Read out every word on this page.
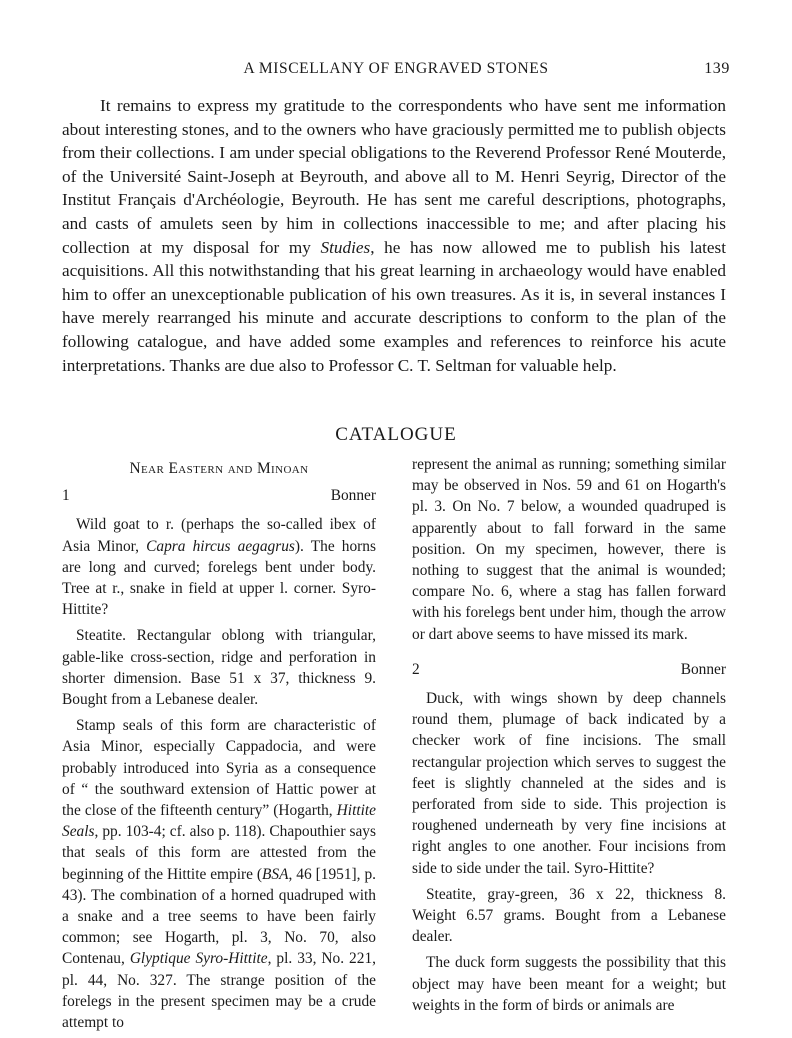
A MISCELLANY OF ENGRAVED STONES	139

It remains to express my gratitude to the correspondents who have sent me information about interesting stones, and to the owners who have graciously permitted me to publish objects from their collections. I am under special obligations to the Reverend Professor René Mouterde, of the Université Saint-Joseph at Beyrouth, and above all to M. Henri Seyrig, Director of the Institut Français d'Archéologie, Beyrouth. He has sent me careful descriptions, photographs, and casts of amulets seen by him in collections inaccessible to me; and after placing his collection at my disposal for my Studies, he has now allowed me to publish his latest acquisitions. All this notwithstanding that his great learning in archaeology would have enabled him to offer an unexceptionable publication of his own treasures. As it is, in several instances I have merely rearranged his minute and accurate descriptions to conform to the plan of the following catalogue, and have added some examples and references to reinforce his acute interpretations. Thanks are due also to Professor C. T. Seltman for valuable help.

CATALOGUE
Near Eastern and Minoan
1	Bonner

Wild goat to r. (perhaps the so-called ibex of Asia Minor, Capra hircus aegagrus). The horns are long and curved; forelegs bent under body. Tree at r., snake in field at upper l. corner. Syro-Hittite?

Steatite. Rectangular oblong with triangular, gable-like cross-section, ridge and perforation in shorter dimension. Base 51 x 37, thickness 9. Bought from a Lebanese dealer.

Stamp seals of this form are characteristic of Asia Minor, especially Cappadocia, and were probably introduced into Syria as a consequence of “ the southward extension of Hattic power at the close of the fifteenth century” (Hogarth, Hittite Seals, pp. 103-4; cf. also p. 118). Chapouthier says that seals of this form are attested from the beginning of the Hittite empire (BSA, 46 [1951], p. 43). The combination of a horned quadruped with a snake and a tree seems to have been fairly common; see Hogarth, pl. 3, No. 70, also Contenau, Glyptique Syro-Hittite, pl. 33, No. 221, pl. 44, No. 327. The strange position of the forelegs in the present specimen may be a crude attempt to

represent the animal as running; something similar may be observed in Nos. 59 and 61 on Hogarth's pl. 3. On No. 7 below, a wounded quadruped is apparently about to fall forward in the same position. On my specimen, however, there is nothing to suggest that the animal is wounded; compare No. 6, where a stag has fallen forward with his forelegs bent under him, though the arrow or dart above seems to have missed its mark.

2	Bonner

Duck, with wings shown by deep channels round them, plumage of back indicated by a checker work of fine incisions. The small rectangular projection which serves to suggest the feet is slightly channeled at the sides and is perforated from side to side. This projection is roughened underneath by very fine incisions at right angles to one another. Four incisions from side to side under the tail. Syro-Hittite?

Steatite, gray-green, 36 x 22, thickness 8. Weight 6.57 grams. Bought from a Lebanese dealer.

The duck form suggests the possibility that this object may have been meant for a weight; but weights in the form of birds or animals are
